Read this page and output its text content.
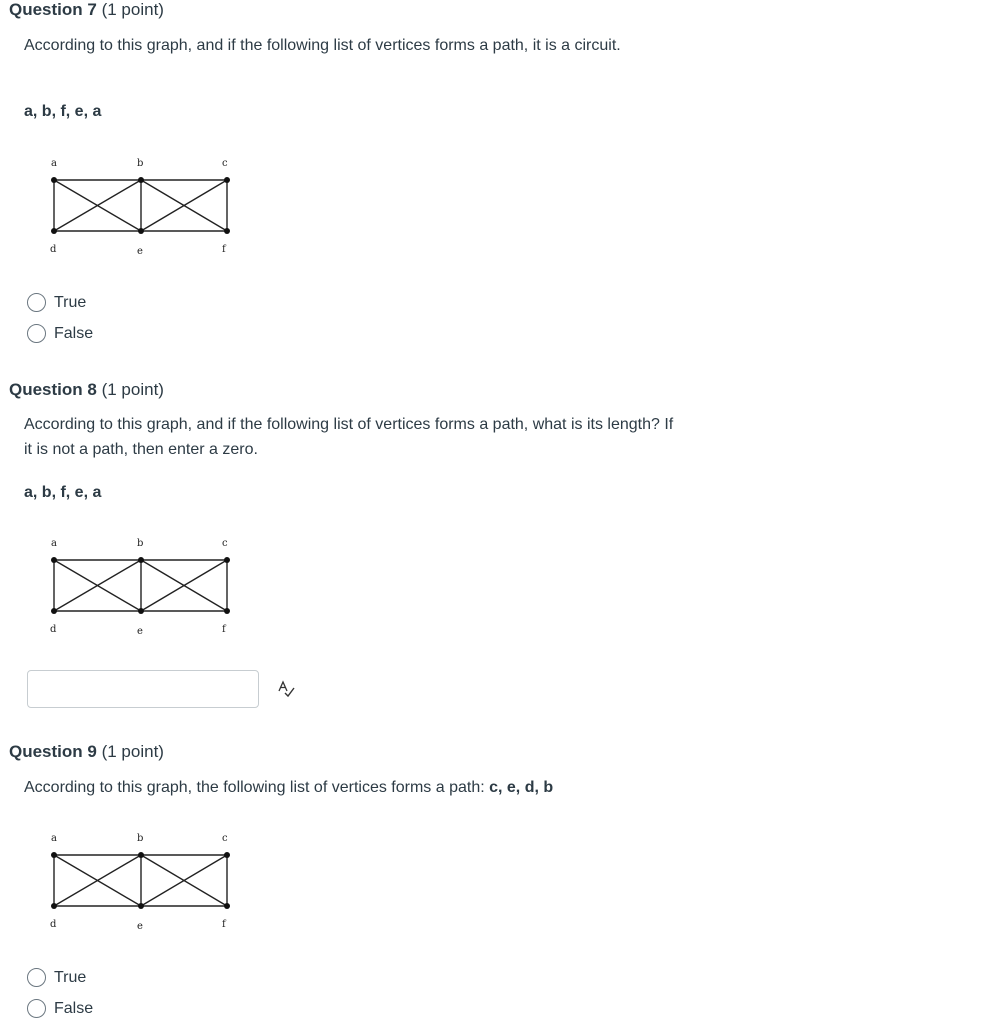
Question 7 (1 point)
According to this graph, and if the following list of vertices forms a path, it is a circuit.
a, b, f, e, a
a	b	c
d	e	f
True
False
Question 8 (1 point)
According to this graph, and if the following list of vertices forms a path, what is its length? If it is not a path, then enter a zero.
a, b, f, e, a
a	b	c
d	e	f
Question 9 (1 point)
According to this graph, the following list of vertices forms a path: c, e, d, b
a	b	c
d	e	f
True
False
